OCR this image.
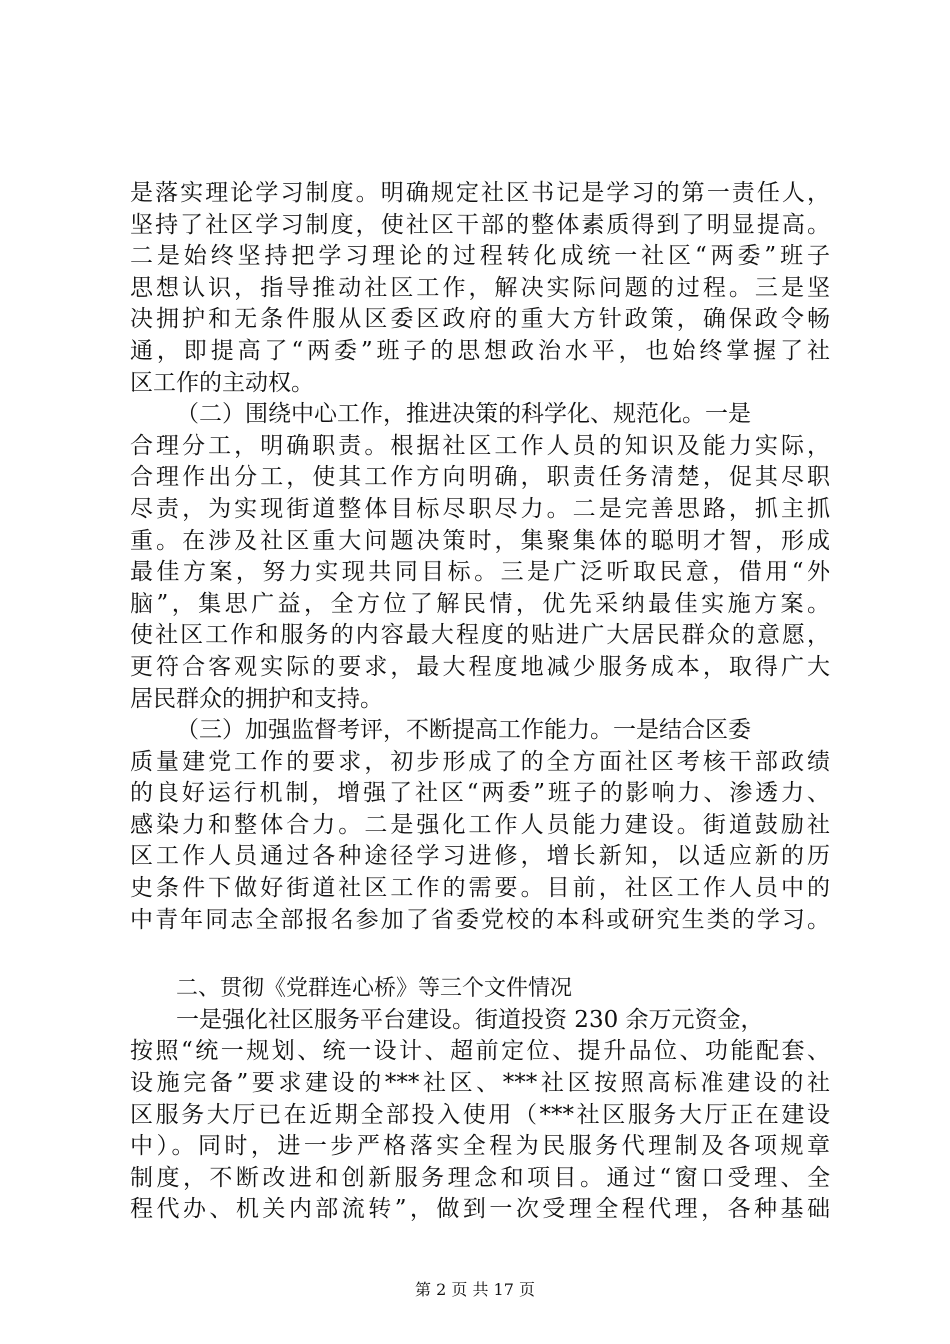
是落实理论学习制度。明确规定社区书记是学习的第一责任人，
坚持了社区学习制度，使社区干部的整体素质得到了明显提高。
二是始终坚持把学习理论的过程转化成统一社区“两委”班子
思想认识，指导推动社区工作，解决实际问题的过程。三是坚
决拥护和无条件服从区委区政府的重大方针政策，确保政令畅
通，即提高了“两委”班子的思想政治水平，也始终掌握了社
区工作的主动权。
（二）围绕中心工作，推进决策的科学化、规范化。一是
合理分工，明确职责。根据社区工作人员的知识及能力实际，
合理作出分工，使其工作方向明确，职责任务清楚，促其尽职
尽责，为实现街道整体目标尽职尽力。二是完善思路，抓主抓
重。在涉及社区重大问题决策时，集聚集体的聪明才智，形成
最佳方案，努力实现共同目标。三是广泛听取民意，借用“外
脑”，集思广益，全方位了解民情，优先采纳最佳实施方案。
使社区工作和服务的内容最大程度的贴进广大居民群众的意愿，
更符合客观实际的要求，最大程度地减少服务成本，取得广大
居民群众的拥护和支持。
（三）加强监督考评，不断提高工作能力。一是结合区委
质量建党工作的要求，初步形成了的全方面社区考核干部政绩
的良好运行机制，增强了社区“两委”班子的影响力、渗透力、
感染力和整体合力。二是强化工作人员能力建设。街道鼓励社
区工作人员通过各种途径学习进修，增长新知，以适应新的历
史条件下做好街道社区工作的需要。目前，社区工作人员中的
中青年同志全部报名参加了省委党校的本科或研究生类的学习。
二、贯彻《党群连心桥》等三个文件情况
一是强化社区服务平台建设。街道投资 230 余万元资金，
按照“统一规划、统一设计、超前定位、提升品位、功能配套、
设施完备”要求建设的***社区、***社区按照高标准建设的社
区服务大厅已在近期全部投入使用（***社区服务大厅正在建设
中）。同时，进一步严格落实全程为民服务代理制及各项规章
制度，不断改进和创新服务理念和项目。通过“窗口受理、全
程代办、机关内部流转”，做到一次受理全程代理，各种基础
第 2 页 共 17 页
